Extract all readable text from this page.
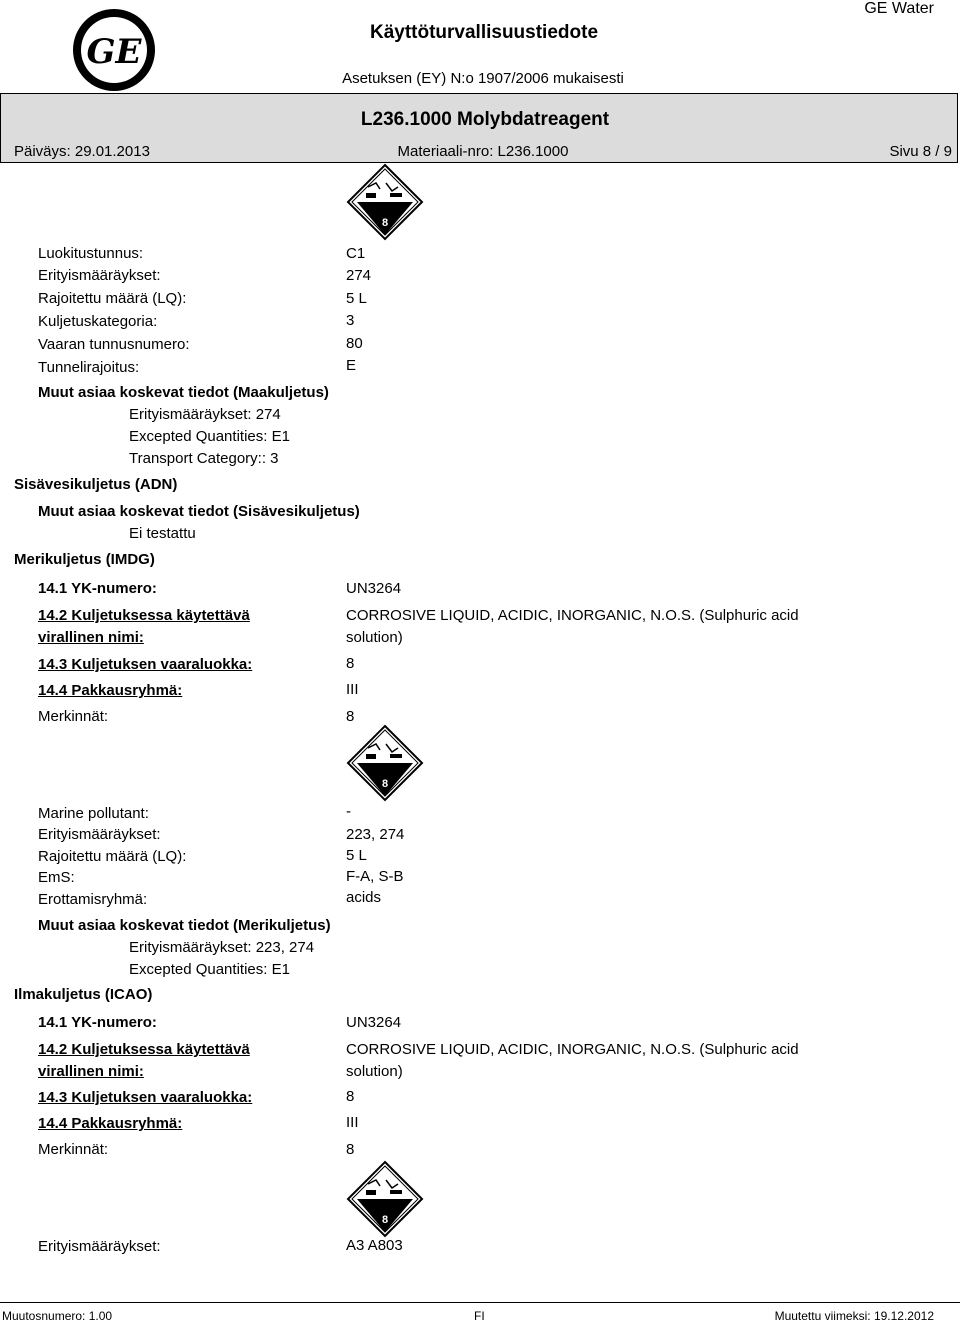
GE	Käyttöturvallisuustiedote
GE Water
Asetuksen (EY) N:o 1907/2006 mukaisesti
L236.1000 Molybdatreagent
Päiväys: 29.01.2013	Materiaali-nro: L236.1000	Sivu 8 / 9
8
Luokitustunnus:	C1
Erityismääräykset:	274
Rajoitettu määrä (LQ):	5 L
Kuljetuskategoria:	3
Vaaran tunnusnumero:	80
Tunnelirajoitus:	E
Muut asiaa koskevat tiedot (Maakuljetus)
Erityismääräykset: 274
Excepted Quantities: E1
Transport Category:: 3
Sisävesikuljetus (ADN)
Muut asiaa koskevat tiedot (Sisävesikuljetus)
Ei testattu
Merikuljetus (IMDG)
14.1 YK-numero:	UN3264
14.2 Kuljetuksessa käytettävä
virallinen nimi:
CORROSIVE LIQUID, ACIDIC, INORGANIC, N.O.S. (Sulphuric acid
solution)
14.3 Kuljetuksen vaaraluokka:	8
14.4 Pakkausryhmä:	III
Merkinnät:	8
8
Marine pollutant:	-
Erityismääräykset:	223, 274
Rajoitettu määrä (LQ):	5 L
EmS:	F-A, S-B
Erottamisryhmä:	acids
Muut asiaa koskevat tiedot (Merikuljetus)
Erityismääräykset: 223, 274
Excepted Quantities: E1
Ilmakuljetus (ICAO)
14.1 YK-numero:	UN3264
14.2 Kuljetuksessa käytettävä
virallinen nimi:
CORROSIVE LIQUID, ACIDIC, INORGANIC, N.O.S. (Sulphuric acid
solution)
14.3 Kuljetuksen vaaraluokka:	8
14.4 Pakkausryhmä:	III
Merkinnät:	8
8
Erityismääräykset:	A3 A803
Muutosnumero: 1.00	FI	Muutettu viimeksi: 19.12.2012
